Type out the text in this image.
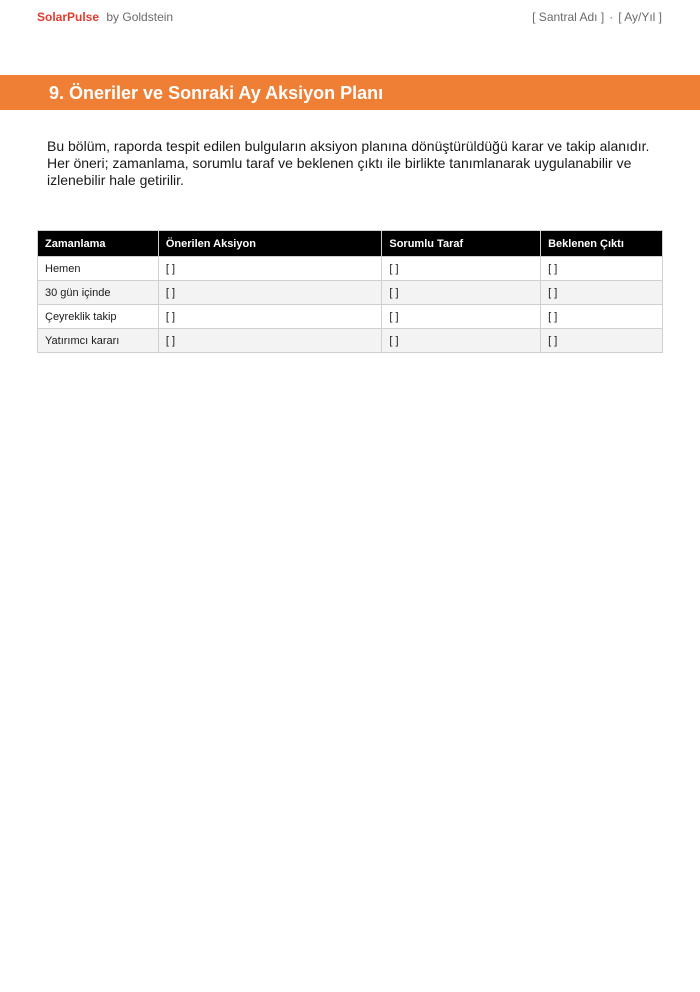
SolarPulse by Goldstein	[ Santral Adı ] · [ Ay/Yıl ]
9. Öneriler ve Sonraki Ay Aksiyon Planı

Bu bölüm, raporda tespit edilen bulguların aksiyon planına dönüştürüldüğü karar ve takip alanıdır. Her öneri; zamanlama, sorumlu taraf ve beklenen çıktı ile birlikte tanımlanarak uygulanabilir ve izlenebilir hale getirilir.

Zamanlama	Önerilen Aksiyon	Sorumlu Taraf	Beklenen Çıktı
Hemen	[ ]	[ ]	[ ]
30 gün içinde	[ ]	[ ]	[ ]
Çeyreklik takip	[ ]	[ ]	[ ]
Yatırımcı kararı	[ ]	[ ]	[ ]
